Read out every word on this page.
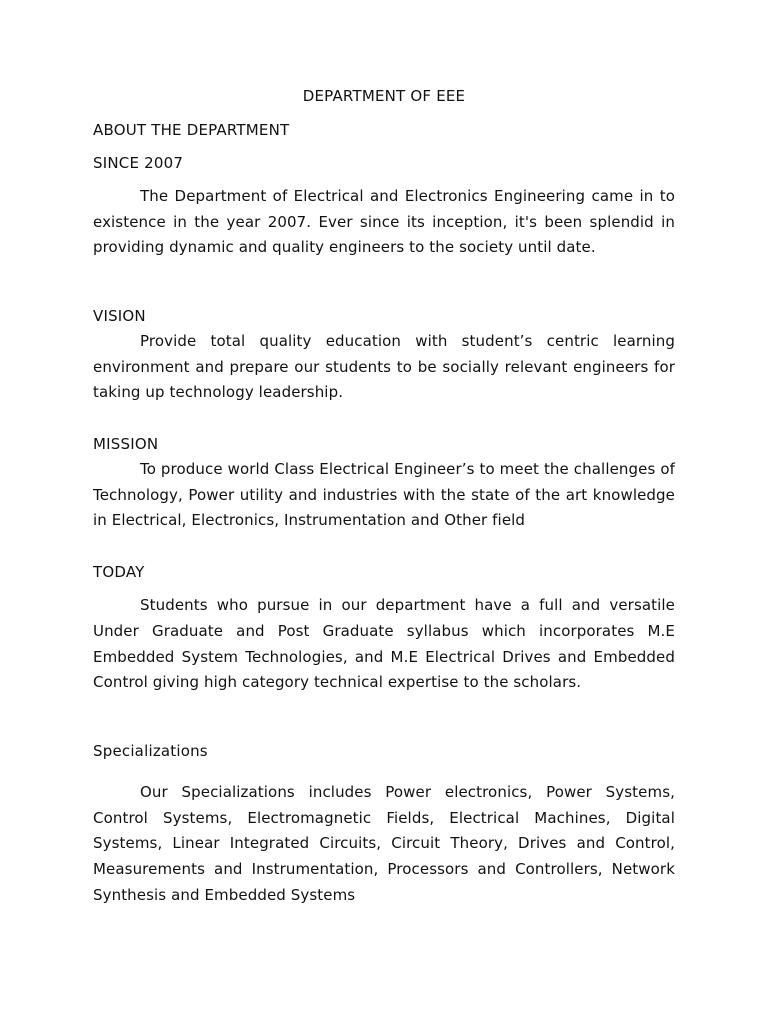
DEPARTMENT OF EEE
ABOUT THE DEPARTMENT
SINCE 2007

The Department of Electrical and Electronics Engineering came in to existence in the year 2007. Ever since its inception, it's been splendid in providing dynamic and quality engineers to the society until date.

VISION

Provide total quality education with student’s centric learning environment and prepare our students to be socially relevant engineers for taking up technology leadership.

MISSION

To produce world Class Electrical Engineer’s to meet the challenges of Technology, Power utility and industries with the state of the art knowledge in Electrical, Electronics, Instrumentation and Other field

TODAY

Students who pursue in our department have a full and versatile Under Graduate and Post Graduate syllabus which incorporates M.E Embedded System Technologies, and M.E Electrical Drives and Embedded Control giving high category technical expertise to the scholars.

Specializations

Our Specializations includes Power electronics, Power Systems, Control Systems, Electromagnetic Fields, Electrical Machines, Digital Systems, Linear Integrated Circuits, Circuit Theory, Drives and Control, Measurements and Instrumentation, Processors and Controllers, Network Synthesis and Embedded Systems
